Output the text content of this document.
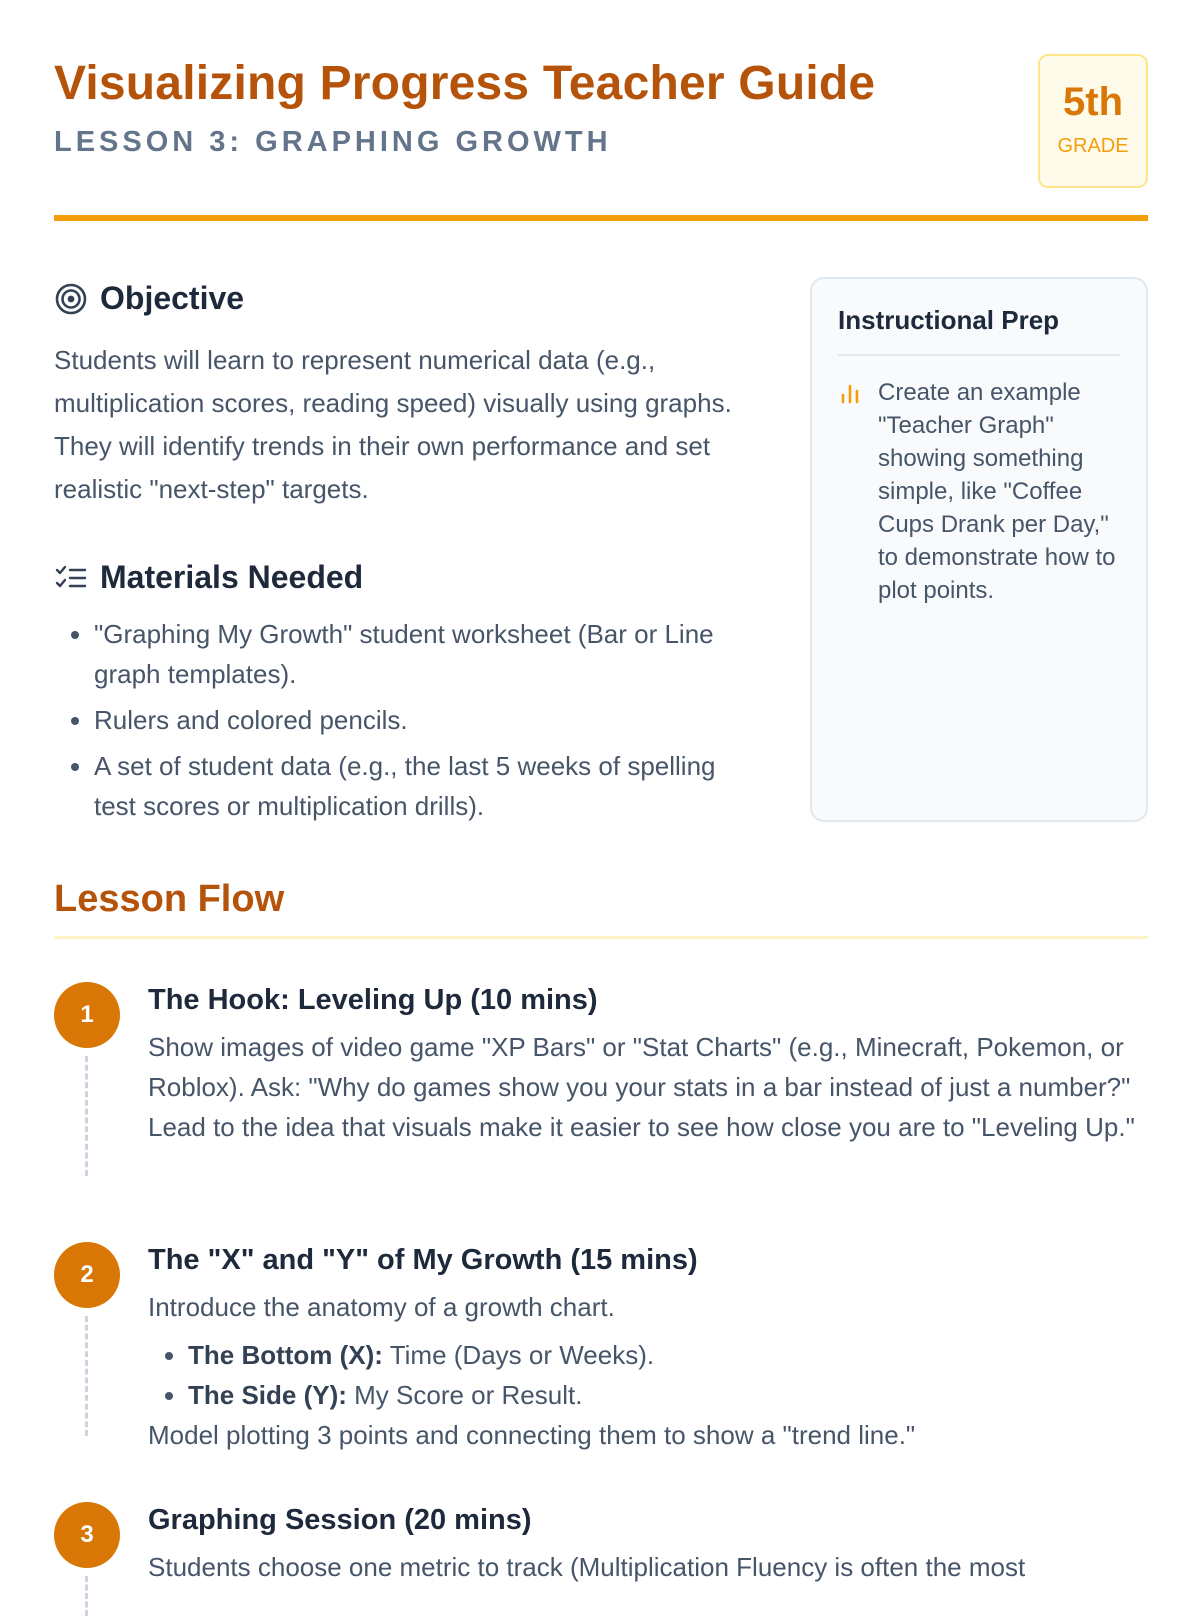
Visualizing Progress Teacher Guide
LESSON 3: GRAPHING GROWTH
5th
GRADE
Objective

Students will learn to represent numerical data (e.g., multiplication scores, reading speed) visually using graphs. They will identify trends in their own performance and set realistic "next-step" targets.

Materials Needed
• "Graphing My Growth" student worksheet (Bar or Line graph templates).
• Rulers and colored pencils.
• A set of student data (e.g., the last 5 weeks of spelling test scores or multiplication drills).
Instructional Prep
Create an example "Teacher Graph" showing something simple, like "Coffee Cups Drank per Day," to demonstrate how to plot points.
Lesson Flow
1	The Hook: Leveling Up (10 mins)

Show images of video game "XP Bars" or "Stat Charts" (e.g., Minecraft, Pokemon, or Roblox). Ask: "Why do games show you your stats in a bar instead of just a number?" Lead to the idea that visuals make it easier to see how close you are to "Leveling Up."

2	The "X" and "Y" of My Growth (15 mins)

Introduce the anatomy of a growth chart.

• The Bottom (X): Time (Days or Weeks).
• The Side (Y): My Score or Result.

Model plotting 3 points and connecting them to show a "trend line."

3	Graphing Session (20 mins)

Students choose one metric to track (Multiplication Fluency is often the most
